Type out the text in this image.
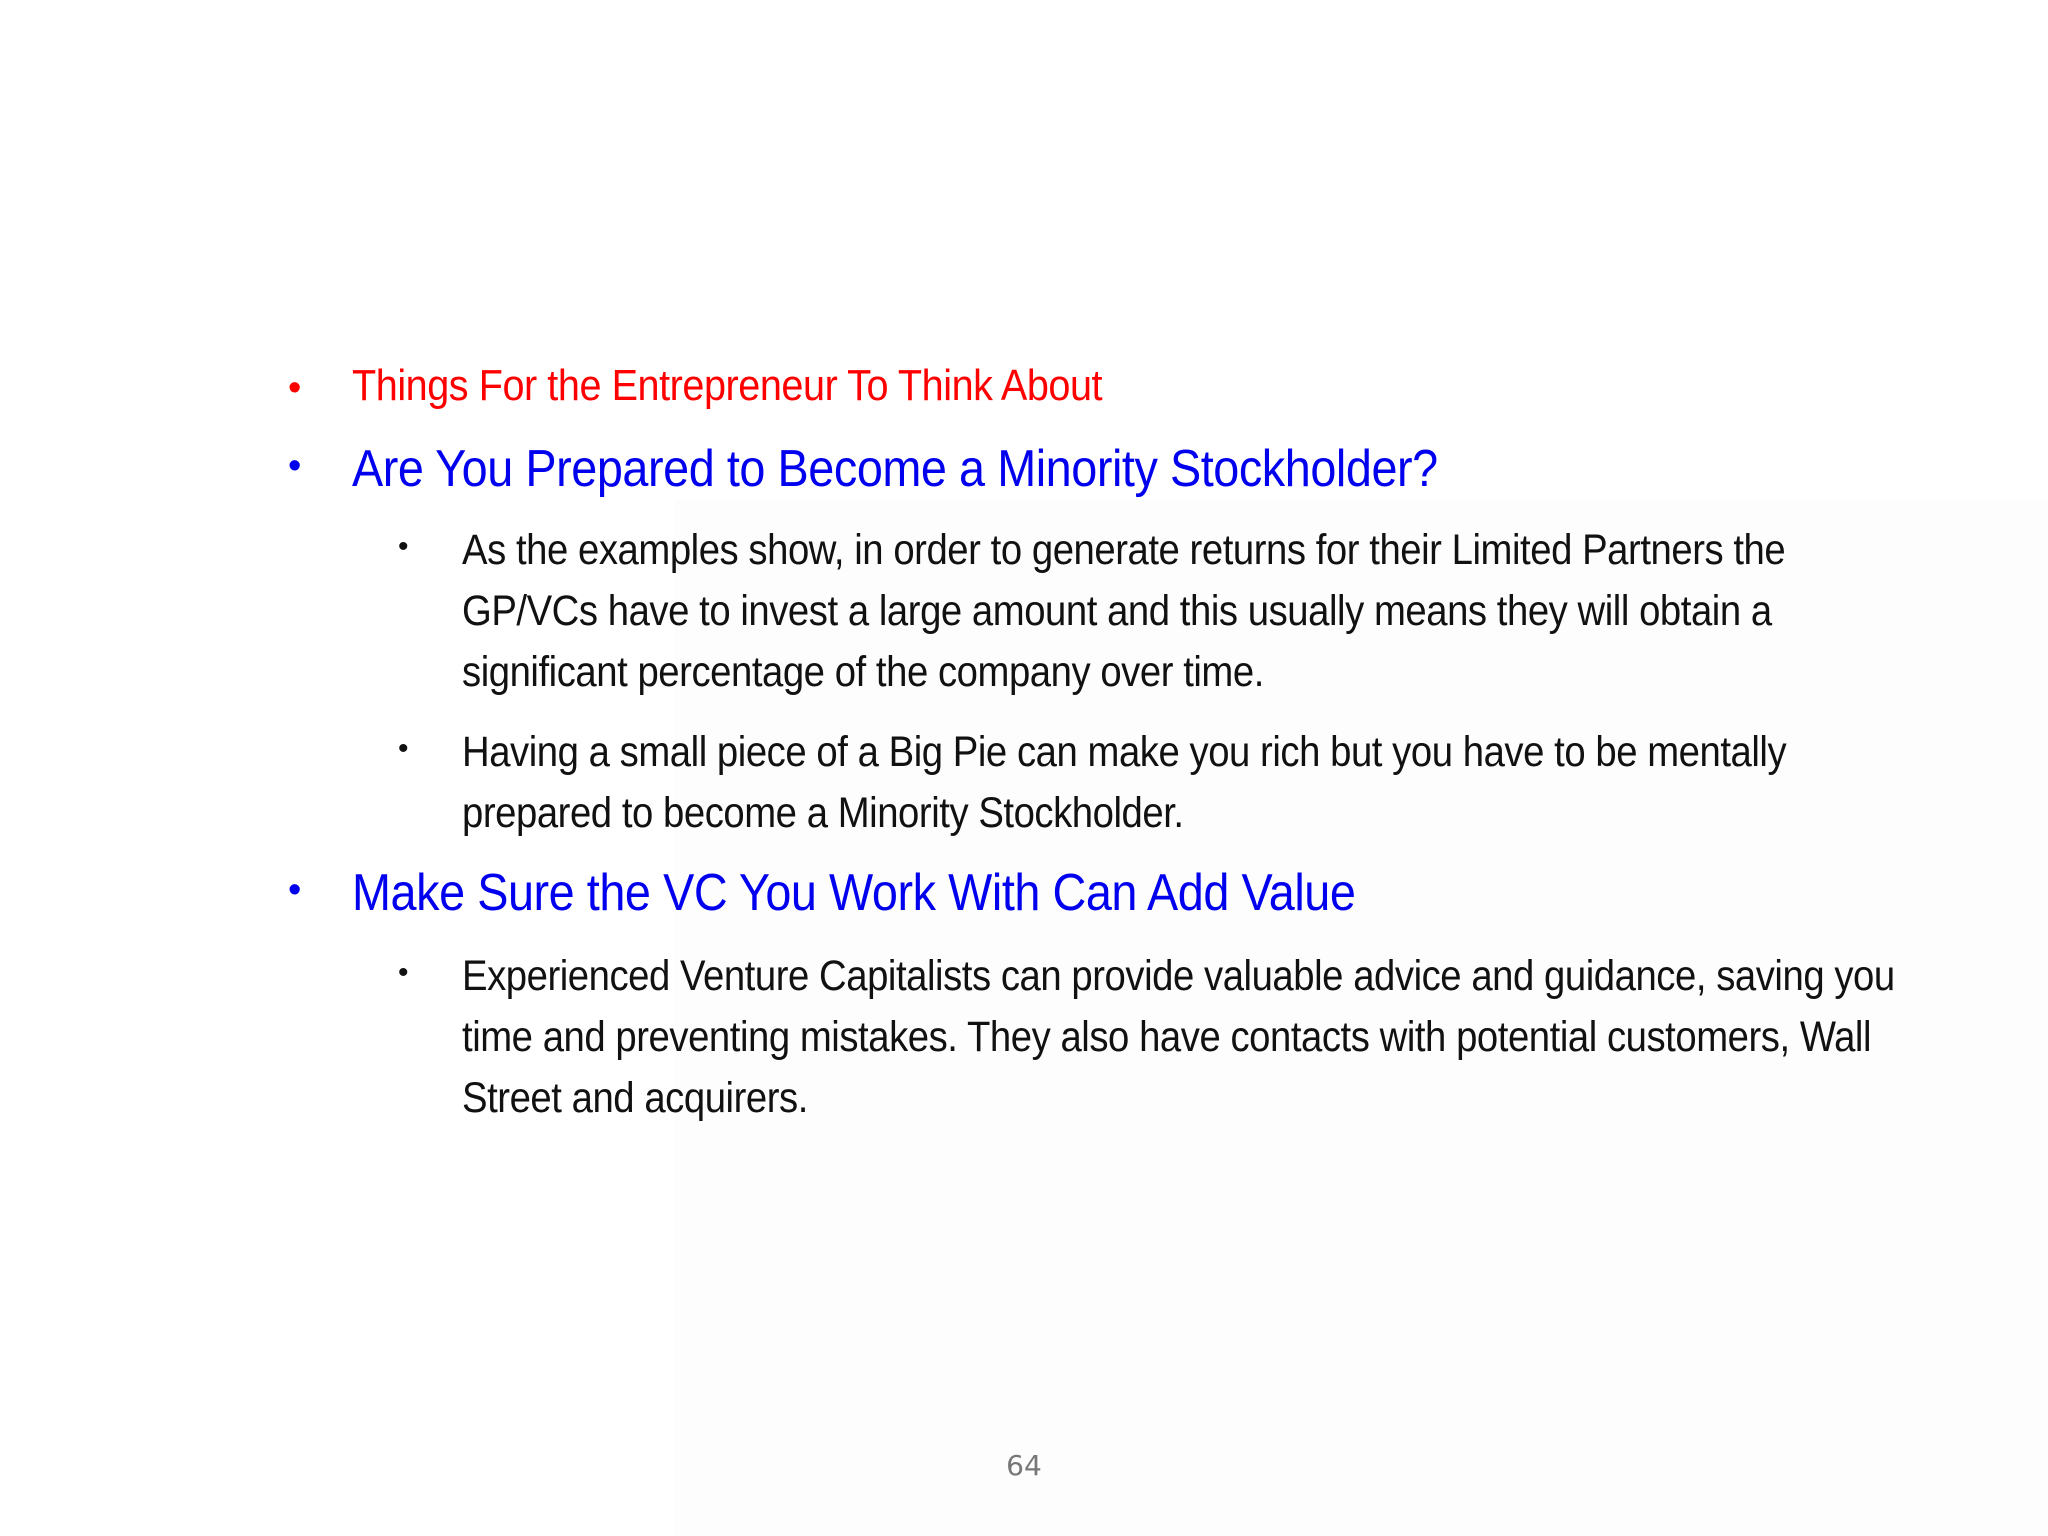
•	Things For the Entrepreneur To Think About
• Are You Prepared to Become a Minority Stockholder?
•	As the examples show, in order to generate returns for their Limited Partners the GP/VCs have to invest a large amount and this usually means they will obtain a significant percentage of the company over time.
•	Having a small piece of a Big Pie can make you rich but you have to be mentally prepared to become a Minority Stockholder.
• Make Sure the VC You Work With Can Add Value
•	Experienced Venture Capitalists can provide valuable advice and guidance, saving you time and preventing mistakes. They also have contacts with potential customers, Wall Street and acquirers.
64
